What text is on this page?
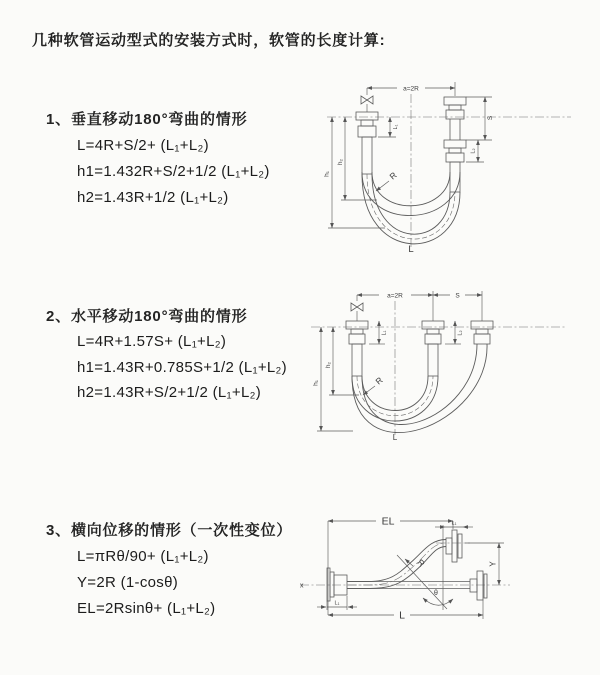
几种软管运动型式的安装方式时，软管的长度计算:
1、垂直移动180°弯曲的情形
L=4R+S/2+ (L₁+L₂)
h1=1.432R+S/2+1/2 (L₁+L₂)
h2=1.43R+1/2 (L₁+L₂)
2、水平移动180°弯曲的情形
L=4R+1.57S+ (L₁+L₂)
h1=1.43R+0.785S+1/2 (L₁+L₂)
h2=1.43R+S/2+1/2 (L₁+L₂)
3、横向位移的情形（一次性变位）
L=πRθ/90+ (L₁+L₂)
Y=2R (1-cosθ)
EL=2Rsinθ+ (L₁+L₂)
a=2R
h₁
h₂
L₁
S
L₂
R
L
a=2R	S
L₁	L₂
h₁
h₂
R
L
x
EL	L₁
θ
R	Y
L
L₁
